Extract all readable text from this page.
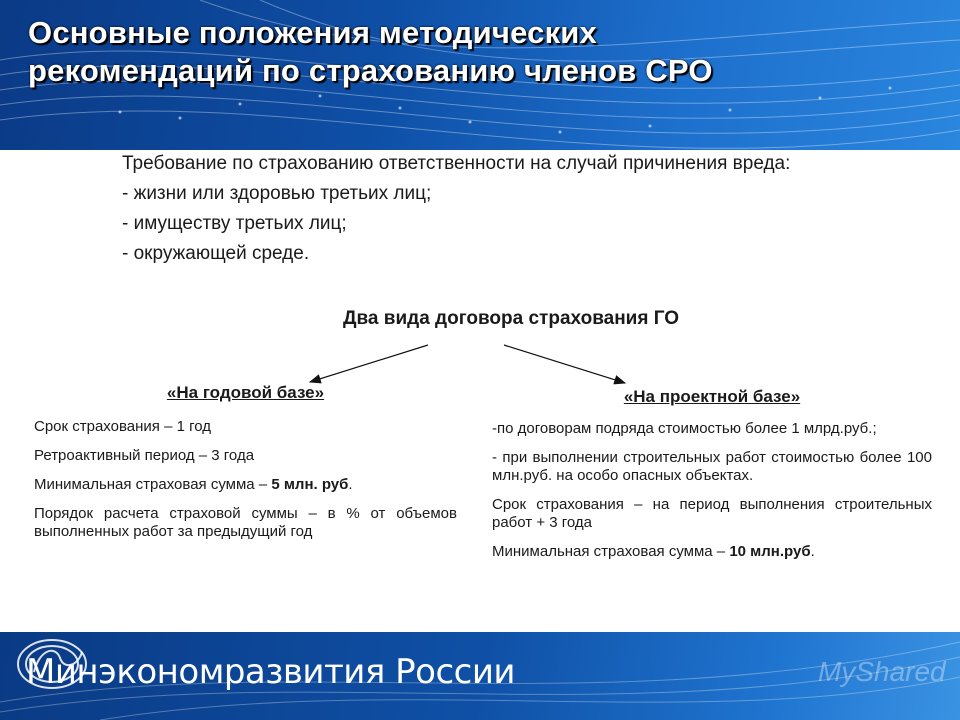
Основные положения методических
рекомендаций по страхованию членов СРО

Требование по страхованию ответственности на случай причинения вреда:

- жизни или здоровью третьих лиц;

- имуществу третьих лиц;

- окружающей среде.

Два вида договора страхования ГО

«На годовой базе»

Срок страхования – 1 год

Ретроактивный период – 3 года

Минимальная страховая сумма – 5 млн. руб.

Порядок расчета страховой суммы – в % от объемов выполненных работ за предыдущий год

«На проектной базе»

-по договорам подряда стоимостью более 1 млрд.руб.;

- при выполнении строительных работ стоимостью более 100 млн.руб. на особо опасных объектах.

Срок страхования – на период выполнения строительных работ + 3 года

Минимальная страховая сумма – 10 млн.руб.

Минэкономразвития России	MyShared
